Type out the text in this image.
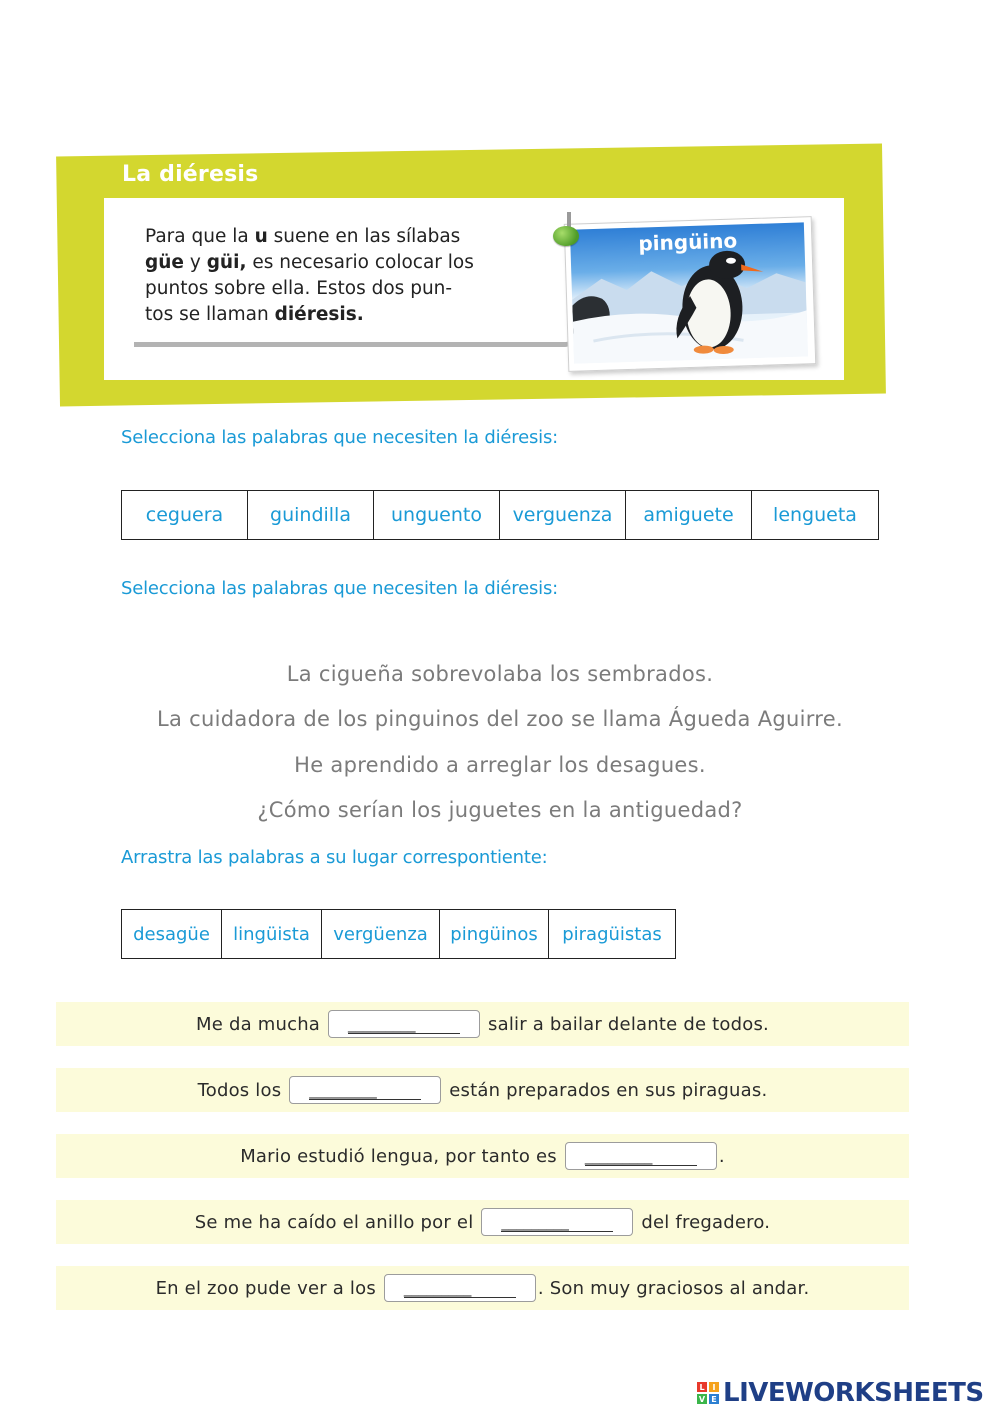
La diéresis
Para que la u suene en las sílabas
güe y güi, es necesario colocar los
puntos sobre ella. Estos dos pun-
tos se llaman diéresis.
pingüino
Selecciona las palabras que necesiten la diéresis:
ceguera	guindilla	unguento	verguenza	amiguete	lengueta
Selecciona las palabras que necesiten la diéresis:
La cigueña sobrevolaba los sembrados.
La cuidadora de los pinguinos del zoo se llama Águeda Aguirre.
He aprendido a arreglar los desagues.
¿Cómo serían los juguetes en la antiguedad?
Arrastra las palabras a su lugar correspontiente:
desagüe	lingüista	vergüenza	pingüinos	piragüistas
Me da mucha _________	salir a bailar delante de todos.
Todos los _________	están preparados en sus piraguas.
Mario estudió lengua, por tanto es _________	.
Se me ha caído el anillo por el _________	del fregadero.
En el zoo pude ver a los _________	. Son muy graciosos al andar.
L I
V E LIVEWORKSHEETS
